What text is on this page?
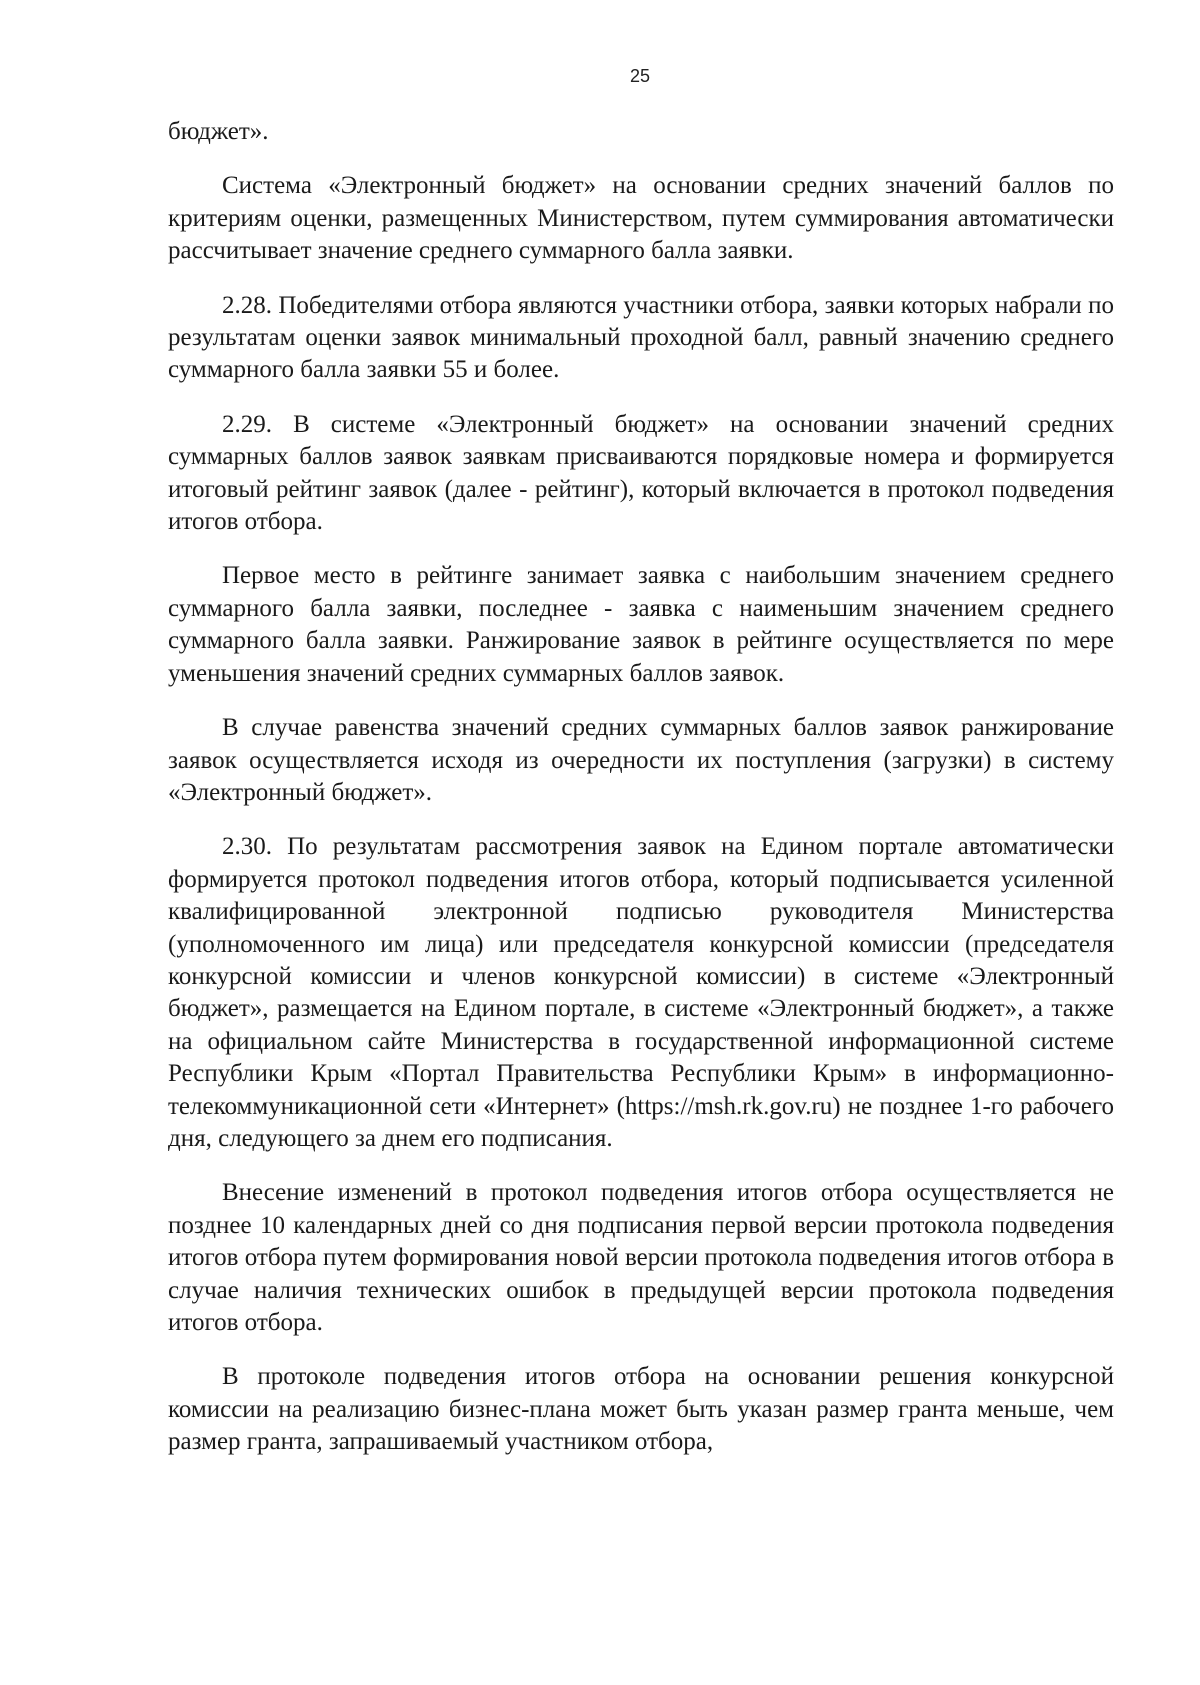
25

бюджет».

Система «Электронный бюджет» на основании средних значений баллов по критериям оценки, размещенных Министерством, путем суммирования автоматически рассчитывает значение среднего суммарного балла заявки.

2.28. Победителями отбора являются участники отбора, заявки которых набрали по результатам оценки заявок минимальный проходной балл, равный значению среднего суммарного балла заявки 55 и более.

2.29. В системе «Электронный бюджет» на основании значений средних суммарных баллов заявок заявкам присваиваются порядковые номера и формируется итоговый рейтинг заявок (далее - рейтинг), который включается в протокол подведения итогов отбора.

Первое место в рейтинге занимает заявка с наибольшим значением среднего суммарного балла заявки, последнее - заявка с наименьшим значением среднего суммарного балла заявки. Ранжирование заявок в рейтинге осуществляется по мере уменьшения значений средних суммарных баллов заявок.

В случае равенства значений средних суммарных баллов заявок ранжирование заявок осуществляется исходя из очередности их поступления (загрузки) в систему «Электронный бюджет».

2.30. По результатам рассмотрения заявок на Едином портале автоматически формируется протокол подведения итогов отбора, который подписывается усиленной квалифицированной электронной подписью руководителя Министерства (уполномоченного им лица) или председателя конкурсной комиссии (председателя конкурсной комиссии и членов конкурсной комиссии) в системе «Электронный бюджет», размещается на Едином портале, в системе «Электронный бюджет», а также на официальном сайте Министерства в государственной информационной системе Республики Крым «Портал Правительства Республики Крым» в информационно-телекоммуникационной сети «Интернет» (https://msh.rk.gov.ru) не позднее 1-го рабочего дня, следующего за днем его подписания.

Внесение изменений в протокол подведения итогов отбора осуществляется не позднее 10 календарных дней со дня подписания первой версии протокола подведения итогов отбора путем формирования новой версии протокола подведения итогов отбора в случае наличия технических ошибок в предыдущей версии протокола подведения итогов отбора.

В протоколе подведения итогов отбора на основании решения конкурсной комиссии на реализацию бизнес-плана может быть указан размер гранта меньше, чем размер гранта, запрашиваемый участником отбора,
